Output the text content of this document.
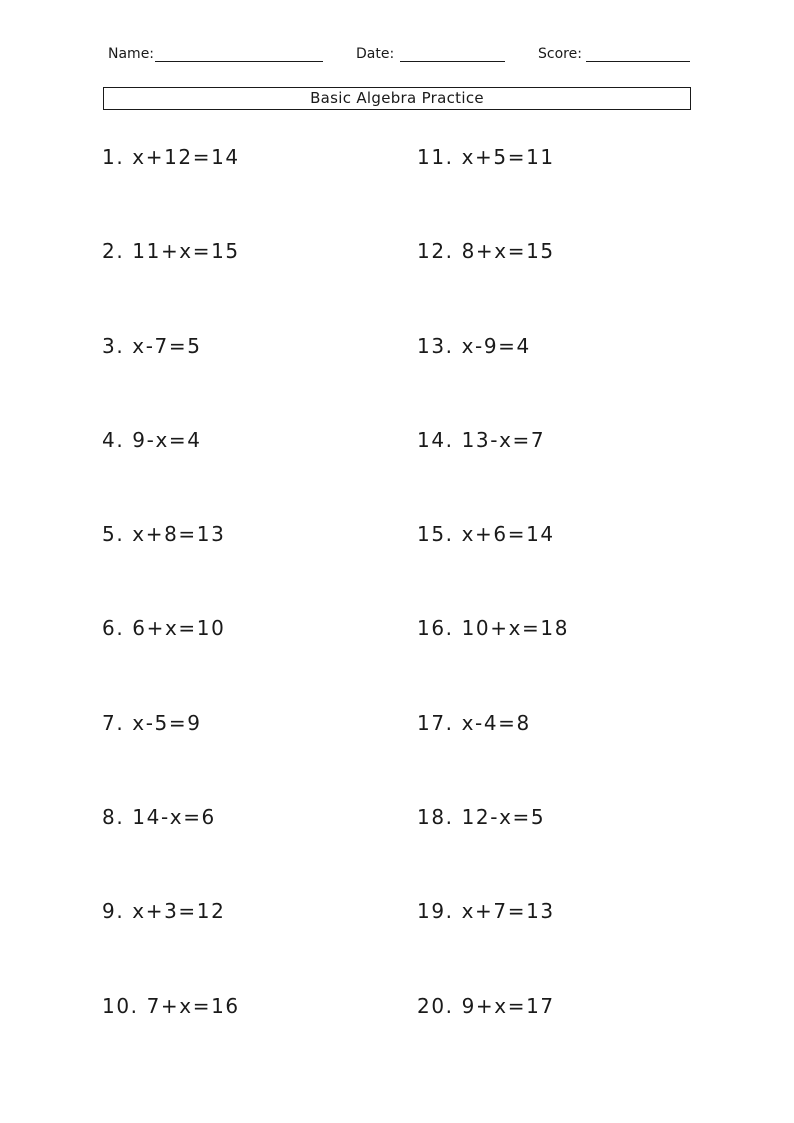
Name:	Date:	Score:
Basic Algebra Practice
1. x+12=14
2. 11+x=15
3. x-7=5
4. 9-x=4
5. x+8=13
6. 6+x=10
7. x-5=9
8. 14-x=6
9. x+3=12
10. 7+x=16
11. x+5=11
12. 8+x=15
13. x-9=4
14. 13-x=7
15. x+6=14
16. 10+x=18
17. x-4=8
18. 12-x=5
19. x+7=13
20. 9+x=17
